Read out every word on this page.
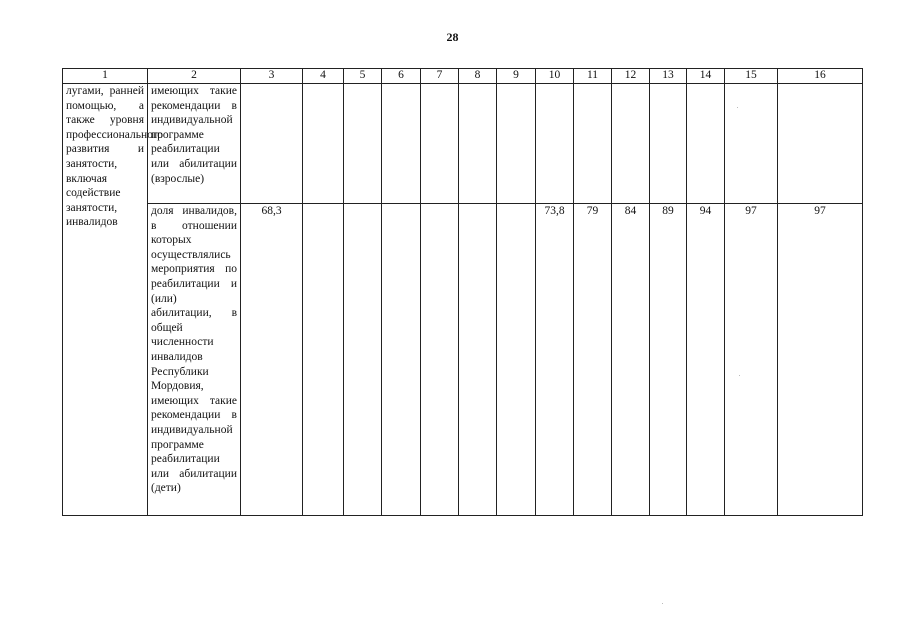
28
1	2	3	4	5	6	7	8	9	10	11	12	13	14	15	16
лугами, ранней помощью, а также уровня профессионального развития и занятости, включая содействие занятости, инвалидов	имеющих такие рекомендации в индивидуальной программе реабилитации или абилитации (взрослые)														
	доля инвалидов, в отношении которых осуществлялись мероприятия по реабилитации и (или) абилитации, в общей численности инвалидов Республики Мордовия, имеющих такие рекомендации в индивидуальной программе реабилитации или абилитации (дети)	68,3							73,8	79	84	89	94	97	97
